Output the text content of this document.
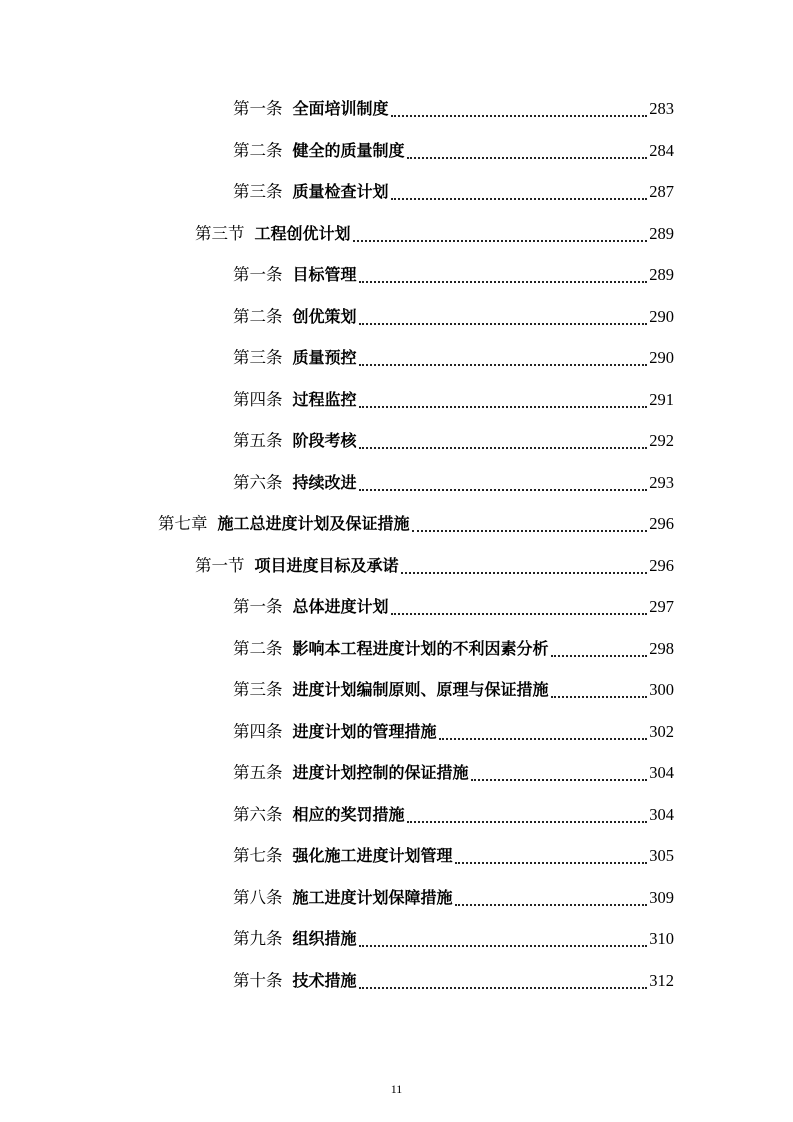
第一条 全面培训制度	283
第二条 健全的质量制度	284
第三条 质量检查计划	287
第三节 工程创优计划	289
第一条 目标管理	289
第二条 创优策划	290
第三条 质量预控	290
第四条 过程监控	291
第五条 阶段考核	292
第六条 持续改进	293
第七章 施工总进度计划及保证措施	296
第一节 项目进度目标及承诺	296
第一条 总体进度计划	297
第二条 影响本工程进度计划的不利因素分析	298
第三条 进度计划编制原则、原理与保证措施	300
第四条 进度计划的管理措施	302
第五条 进度计划控制的保证措施	304
第六条 相应的奖罚措施	304
第七条 强化施工进度计划管理	305
第八条 施工进度计划保障措施	309
第九条 组织措施	310
第十条 技术措施	312
11
